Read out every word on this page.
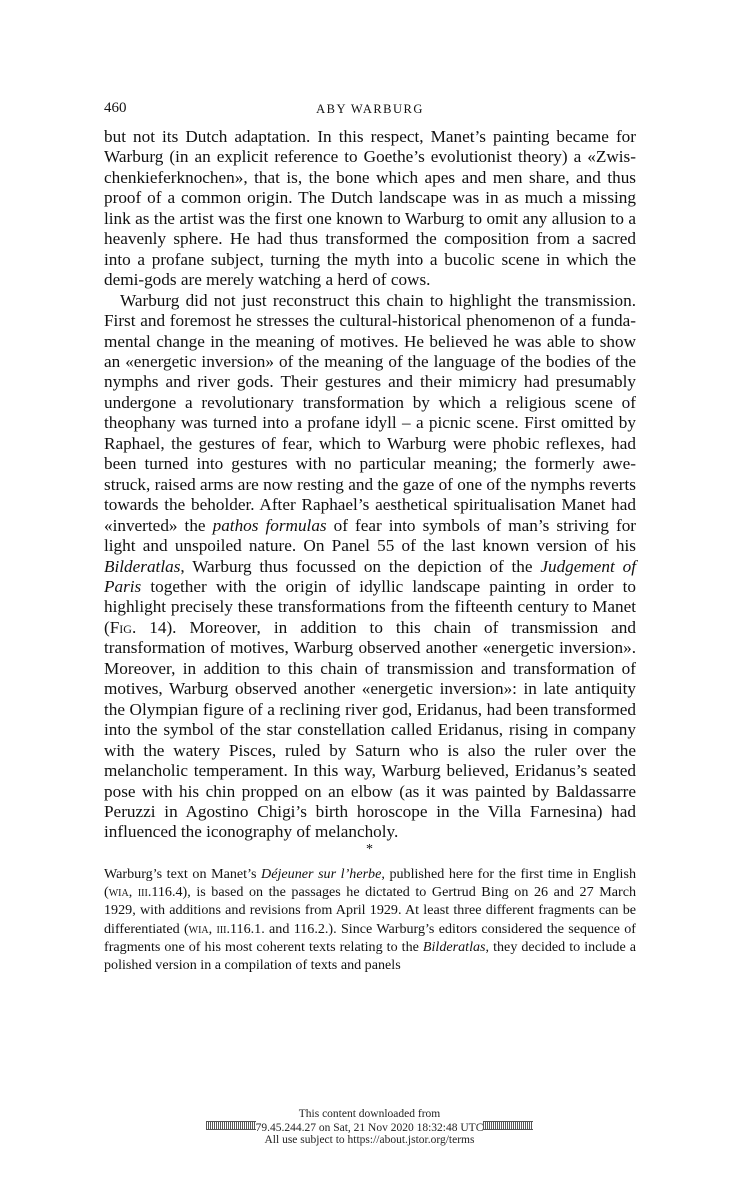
460	ABY WARBURG

but not its Dutch adaptation. In this respect, Manet’s painting became for Warburg (in an explicit reference to Goethe’s evolutionist theory) a «Zwischenkieferknochen», that is, the bone which apes and men share, and thus proof of a common origin. The Dutch landscape was in as much a missing link as the artist was the first one known to Warburg to omit any allusion to a heavenly sphere. He had thus transformed the composition from a sacred into a profane subject, turning the myth into a bucolic scene in which the demi-gods are merely watching a herd of cows.

Warburg did not just reconstruct this chain to highlight the transmission. First and foremost he stresses the cultural-historical phenomenon of a fundamental change in the meaning of motives. He believed he was able to show an «energetic inversion» of the meaning of the language of the bodies of the nymphs and river gods. Their gestures and their mimicry had presumably undergone a revolutionary transformation by which a religious scene of theophany was turned into a profane idyll – a picnic scene. First omitted by Raphael, the gestures of fear, which to Warburg were phobic reflexes, had been turned into gestures with no particular meaning; the formerly awe-struck, raised arms are now resting and the gaze of one of the nymphs reverts towards the beholder. After Raphael’s aesthetical spiritualisation Manet had «inverted» the pathos formulas of fear into symbols of man’s striving for light and unspoiled nature. On Panel 55 of the last known version of his Bilderatlas, Warburg thus focussed on the depiction of the Judgement of Paris together with the origin of idyllic landscape painting in order to highlight precisely these transformations from the fifteenth century to Manet (Fig. 14). Moreover, in addition to this chain of transmission and transformation of motives, Warburg observed another «energetic inversion». Moreover, in addition to this chain of transmission and transformation of motives, Warburg observed another «energetic inversion»: in late antiquity the Olympian figure of a reclining river god, Eridanus, had been transformed into the symbol of the star constellation called Eridanus, rising in company with the watery Pisces, ruled by Saturn who is also the ruler over the melancholic temperament. In this way, Warburg believed, Eridanus’s seated pose with his chin propped on an elbow (as it was painted by Baldassarre Peruzzi in Agostino Chigi’s birth horoscope in the Villa Farnesina) had influenced the iconography of melancholy.

*

Warburg’s text on Manet’s Déjeuner sur l’herbe, published here for the first time in English (wia, iii.116.4), is based on the passages he dictated to Gertrud Bing on 26 and 27 March 1929, with additions and revisions from April 1929. At least three different fragments can be differentiated (wia, iii.116.1. and 116.2.). Since Warburg’s editors considered the sequence of fragments one of his most coherent texts relating to the Bilderatlas, they decided to include a polished version in a compilation of texts and panels

This content downloaded from
79.45.244.27 on Sat, 21 Nov 2020 18:32:48 UTC
All use subject to https://about.jstor.org/terms
